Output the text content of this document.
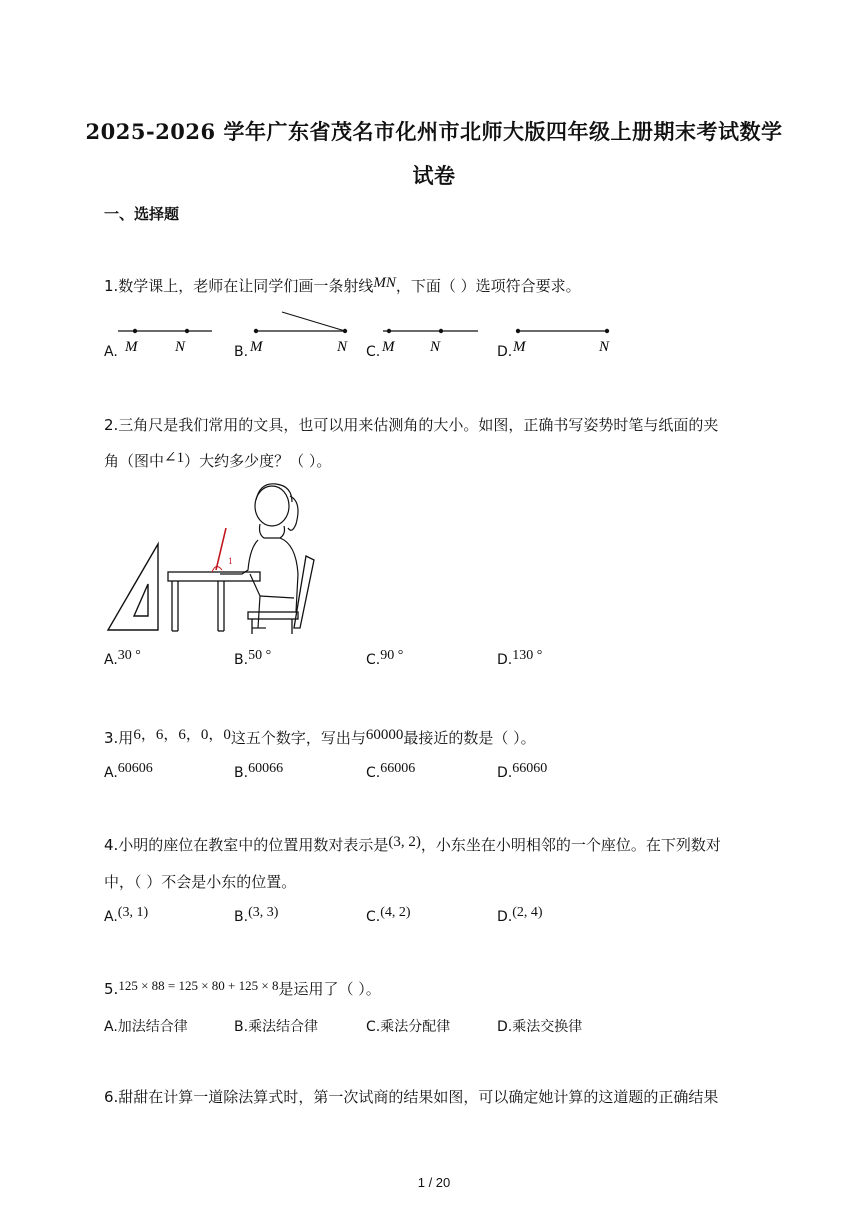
2025-2026 学年广东省茂名市化州市北师大版四年级上册期末考试数学
试卷
一、选择题
1.数学课上，老师在让同学们画一条射线MN，下面（ ）选项符合要求。
A.	B.	C.	D.
M	N	M	N M N	M	N
2.三角尺是我们常用的文具，也可以用来估测角的大小。如图，正确书写姿势时笔与纸面的夹
角（图中∠1）大约多少度？（ ）。
1
A.30 °	B.50 °	C.90 °	D.130 °
3.用6，6，6，0，0这五个数字，写出与60000最接近的数是（ ）。
A.60606	B.60066	C.66006	D.66060
4.小明的座位在教室中的位置用数对表示是(3, 2)，小东坐在小明相邻的一个座位。在下列数对
中，（ ）不会是小东的位置。
A.(3, 1)	B.(3, 3)	C.(4, 2)	D.(2, 4)
5.125 × 88 = 125 × 80 + 125 × 8是运用了（ ）。
A.加法结合律	B.乘法结合律	C.乘法分配律	D.乘法交换律
6.甜甜在计算一道除法算式时，第一次试商的结果如图，可以确定她计算的这道题的正确结果
1 / 20
